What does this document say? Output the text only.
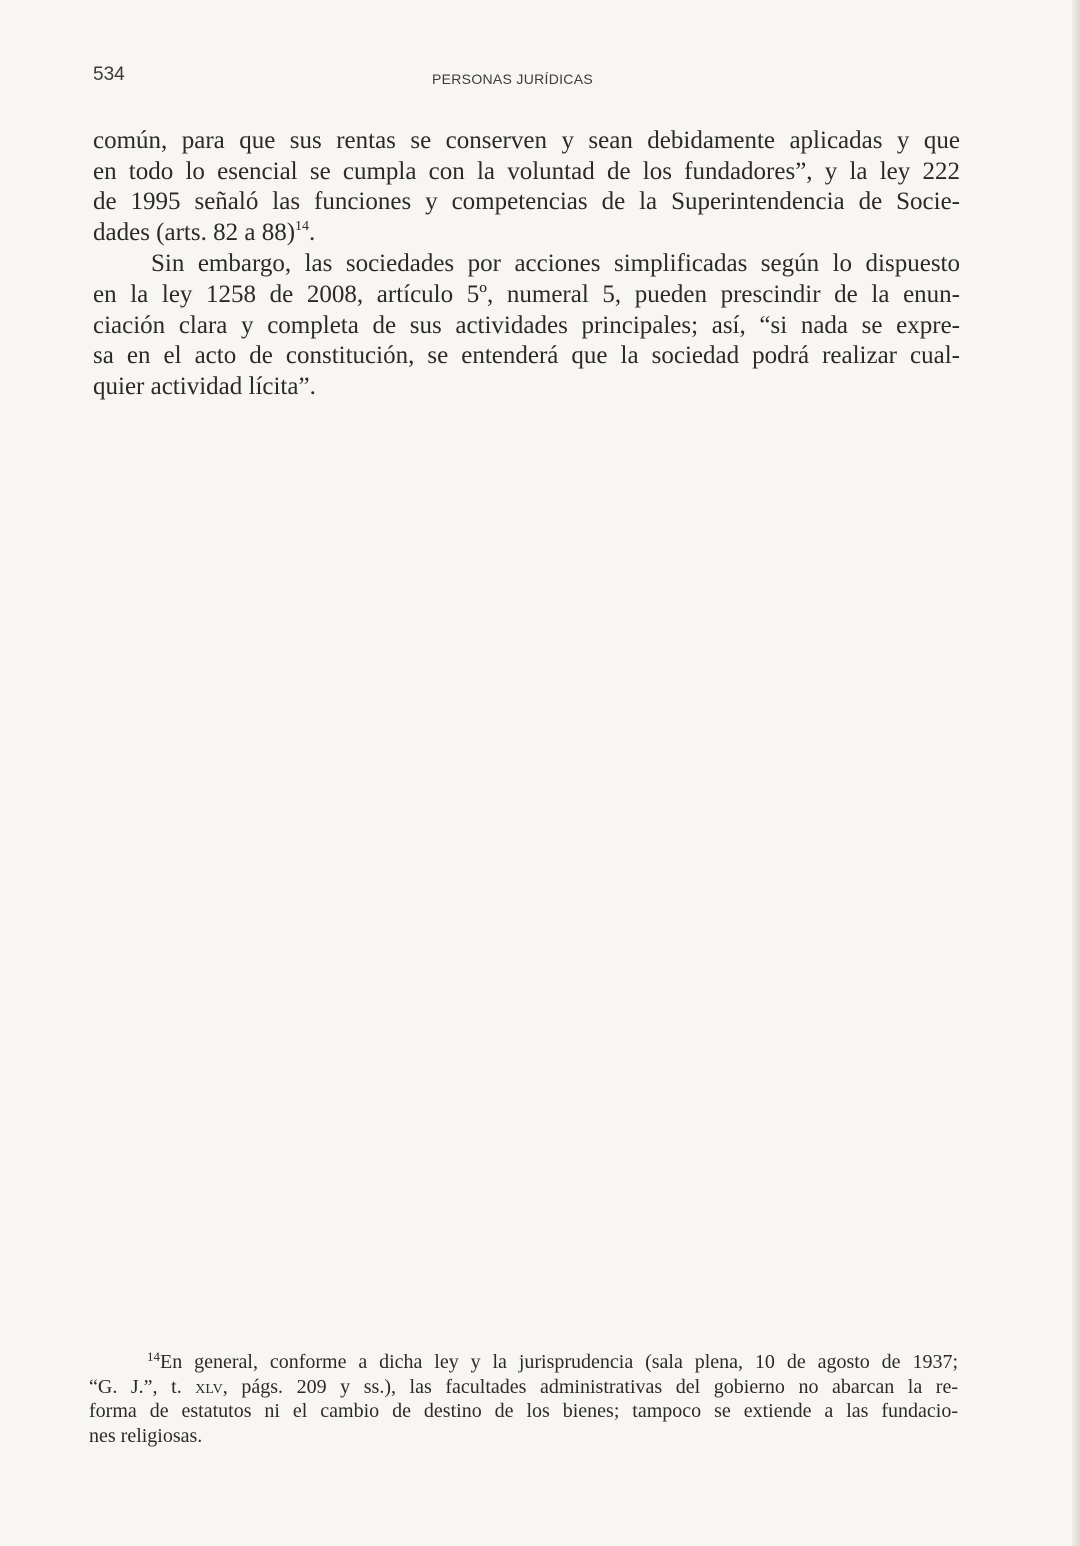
534	PERSONAS JURÍDICAS
común, para que sus rentas se conserven y sean debidamente aplicadas y que
en todo lo esencial se cumpla con la voluntad de los fundadores”, y la ley 222
de 1995 señaló las funciones y competencias de la Superintendencia de Socie-
dades (arts. 82 a 88)$^{14}$.
Sin embargo, las sociedades por acciones simplificadas según lo dispuesto
en la ley 1258 de 2008, artículo 5º, numeral 5, pueden prescindir de la enun-
ciación clara y completa de sus actividades principales; así, “si nada se expre-
sa en el acto de constitución, se entenderá que la sociedad podrá realizar cual-
quier actividad lícita”.
$^{14}$En general, conforme a dicha ley y la jurisprudencia (sala plena, 10 de agosto de 1937;
“G. J.”, t. xlv, págs. 209 y ss.), las facultades administrativas del gobierno no abarcan la re-
forma de estatutos ni el cambio de destino de los bienes; tampoco se extiende a las fundacio-
nes religiosas.
